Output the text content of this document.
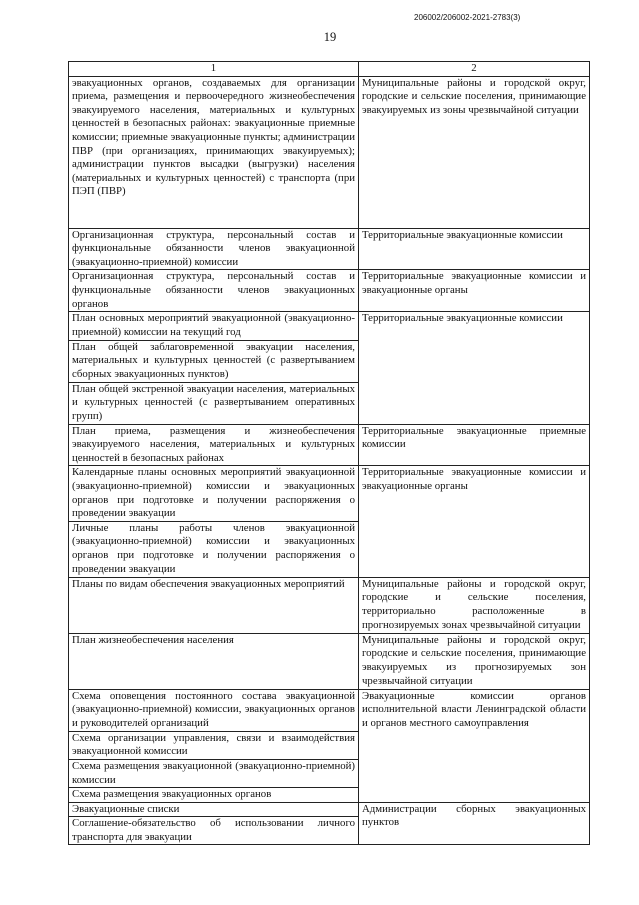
19
206002/206002-2021-2783(3)
1	2
эвакуационных органов, создаваемых для организации приема, размещения и первоочередного жизнеобеспечения эвакуируемого населения, материальных и культурных ценностей в безопасных районах: эвакуационные приемные комиссии; приемные эвакуационные пункты; администрации ПВР (при организациях, принимающих эвакуируемых); администрации пунктов высадки (выгрузки) населения (материальных и культурных ценностей) с транспорта (при ПЭП (ПВР)	Муниципальные районы и городской округ, городские и сельские поселения, принимающие эвакуируемых из зоны чрезвычайной ситуации
Организационная структура, персональный состав и функциональные обязанности членов эвакуационной (эвакуационно-приемной) комиссии	Территориальные эвакуационные комиссии
Организационная структура, персональный состав и функциональные обязанности членов эвакуационных органов	Территориальные эвакуационные комиссии и эвакуационные органы
План основных мероприятий эвакуационной (эвакуационно-приемной) комиссии на текущий год	Территориальные эвакуационные комиссии
План общей заблаговременной эвакуации населения, материальных и культурных ценностей (с развертыванием сборных эвакуационных пунктов)	
План общей экстренной эвакуации населения, материальных и культурных ценностей (с развертыванием оперативных групп)	
План приема, размещения и жизнеобеспечения эвакуируемого населения, материальных и культурных ценностей в безопасных районах	Территориальные эвакуационные приемные комиссии
Календарные планы основных мероприятий эвакуационной (эвакуационно-приемной) комиссии и эвакуационных органов при подготовке и получении распоряжения о проведении эвакуации	Территориальные эвакуационные комиссии и эвакуационные органы
Личные планы работы членов эвакуационной (эвакуационно-приемной) комиссии и эвакуационных органов при подготовке и получении распоряжения о проведении эвакуации	
Планы по видам обеспечения эвакуационных мероприятий	Муниципальные районы и городской округ, городские и сельские поселения, территориально расположенные в прогнозируемых зонах чрезвычайной ситуации
План жизнеобеспечения населения	Муниципальные районы и городской округ, городские и сельские поселения, принимающие эвакуируемых из прогнозируемых зон чрезвычайной ситуации
Схема оповещения постоянного состава эвакуационной (эвакуационно-приемной) комиссии, эвакуационных органов и руководителей организаций	Эвакуационные комиссии органов исполнительной власти Ленинградской области и органов местного самоуправления
Схема организации управления, связи и взаимодействия эвакуационной комиссии	
Схема размещения эвакуационной (эвакуационно-приемной) комиссии	
Схема размещения эвакуационных органов	
Эвакуационные списки	Администрации сборных эвакуационных пунктов
Соглашение-обязательство об использовании личного транспорта для эвакуации	
